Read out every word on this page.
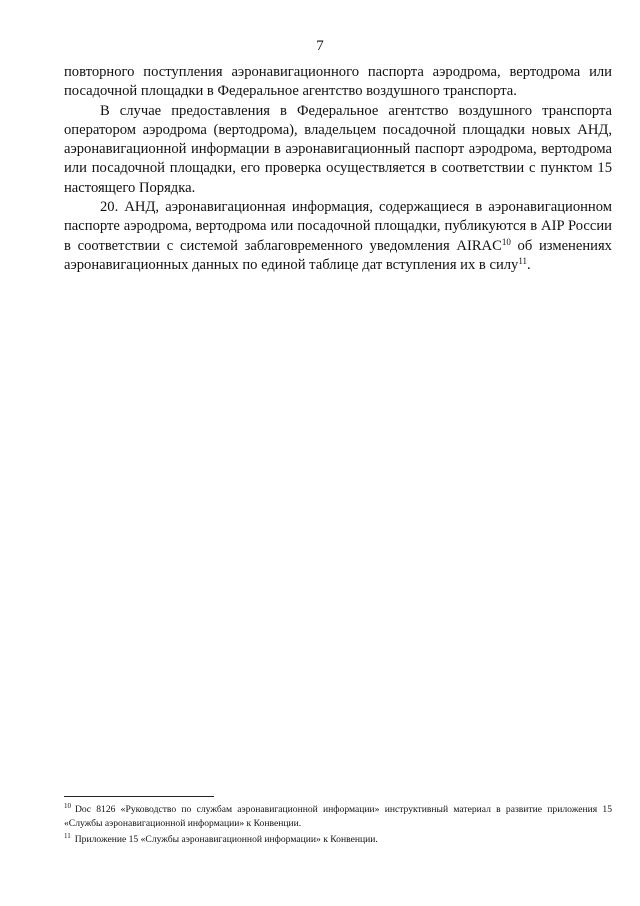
7

повторного поступления аэронавигационного паспорта аэродрома, вертодрома или посадочной площадки в Федеральное агентство воздушного транспорта.

В случае предоставления в Федеральное агентство воздушного транспорта оператором аэродрома (вертодрома), владельцем посадочной площадки новых АНД, аэронавигационной информации в аэронавигационный паспорт аэродрома, вертодрома или посадочной площадки, его проверка осуществляется в соответствии с пунктом 15 настоящего Порядка.

20. АНД, аэронавигационная информация, содержащиеся в аэронавигационном паспорте аэродрома, вертодрома или посадочной площадки, публикуются в AIP России в соответствии с системой заблаговременного уведомления AIRAC$^{10}$ об изменениях аэронавигационных данных по единой таблице дат вступления их в силу$^{11}$.

$^{10}$ Doc 8126 «Руководство по службам аэронавигационной информации» инструктивный материал в развитие приложения 15 «Службы аэронавигационной информации» к Конвенции.

$^{11}$ Приложение 15 «Службы аэронавигационной информации» к Конвенции.
